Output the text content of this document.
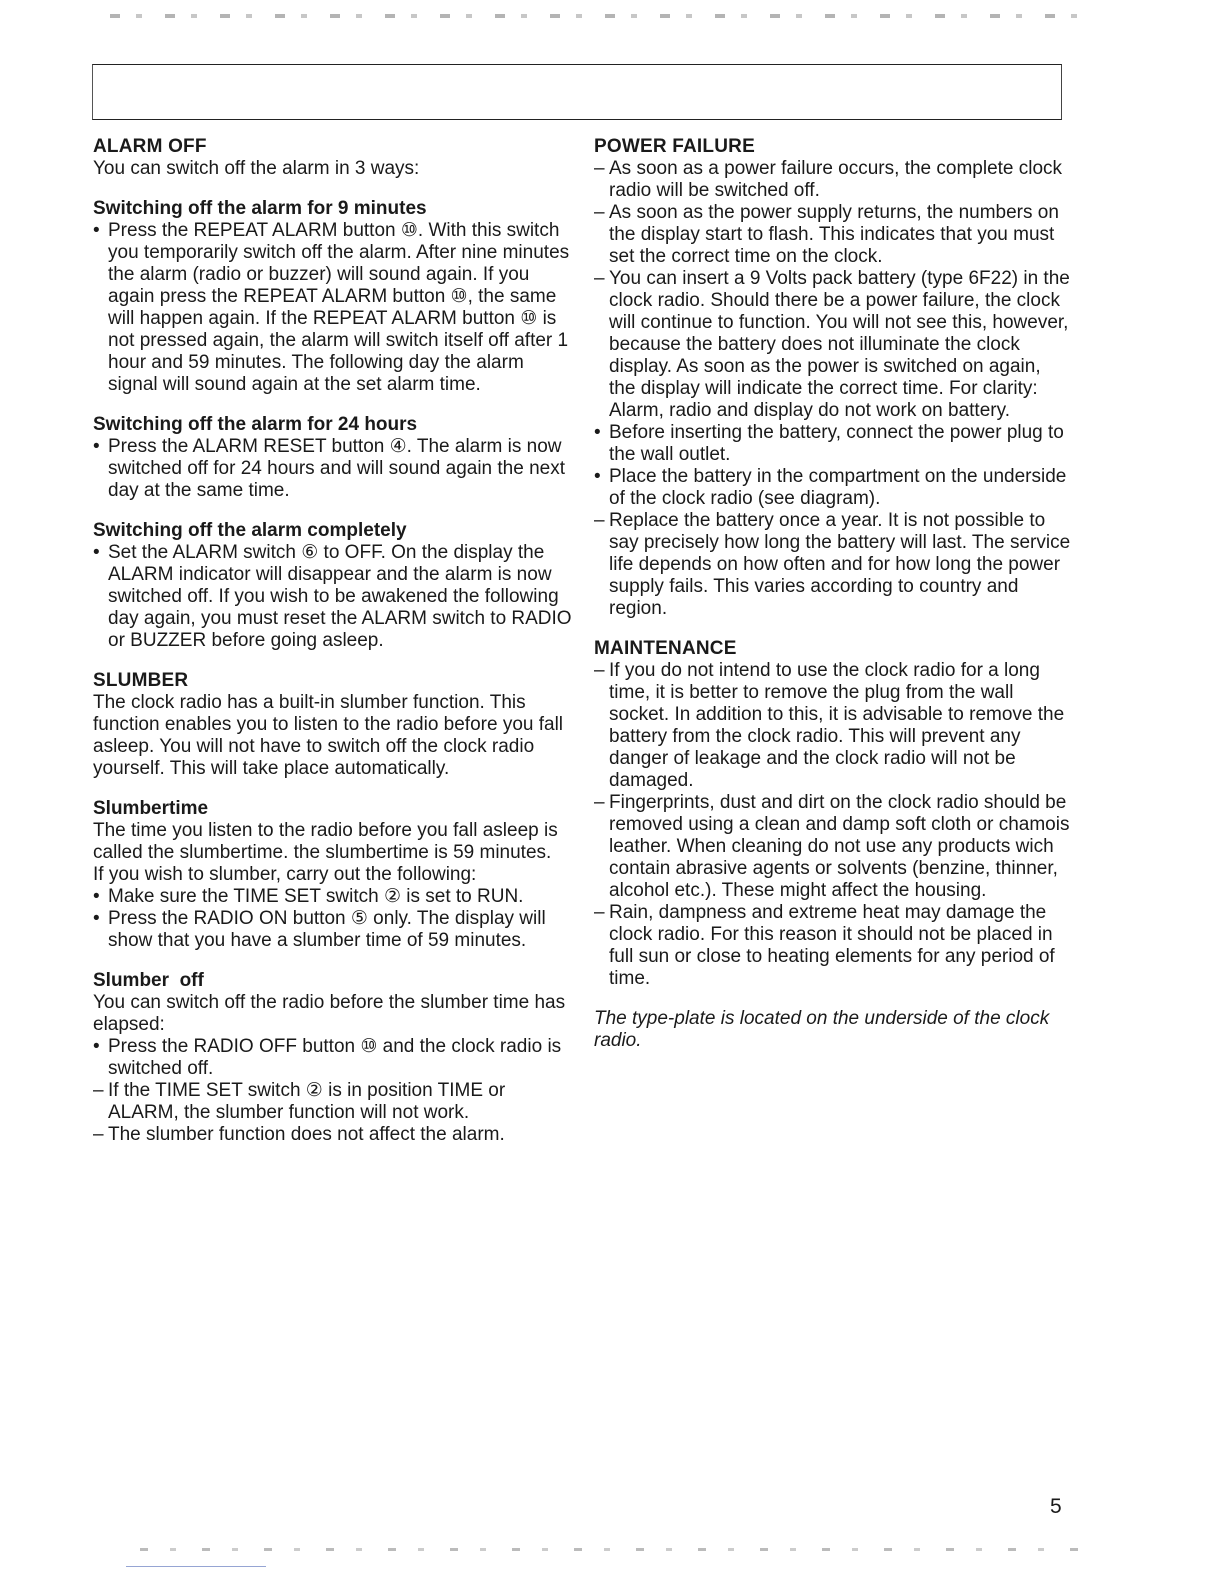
ALARM OFF

You can switch off the alarm in 3 ways:

Switching off the alarm for 9 minutes

• Press the REPEAT ALARM button ⑩. With this switch you temporarily switch off the alarm. After nine minutes the alarm (radio or buzzer) will sound again. If you again press the REPEAT ALARM button ⑩, the same will happen again. If the REPEAT ALARM button ⑩ is not pressed again, the alarm will switch itself off after 1 hour and 59 minutes. The following day the alarm signal will sound again at the set alarm time.

Switching off the alarm for 24 hours

• Press the ALARM RESET button ④. The alarm is now switched off for 24 hours and will sound again the next day at the same time.

Switching off the alarm completely

• Set the ALARM switch ⑥ to OFF. On the display the ALARM indicator will disappear and the alarm is now switched off. If you wish to be awakened the following day again, you must reset the ALARM switch to RADIO or BUZZER before going asleep.

SLUMBER

The clock radio has a built-in slumber function. This function enables you to listen to the radio before you fall asleep. You will not have to switch off the clock radio yourself. This will take place automatically.

Slumbertime

The time you listen to the radio before you fall asleep is called the slumbertime. the slumbertime is 59 minutes.

If you wish to slumber, carry out the following:

• Make sure the TIME SET switch ② is set to RUN.

• Press the RADIO ON button ⑤ only. The display will show that you have a slumber time of 59 minutes.

Slumber  off

You can switch off the radio before the slumber time has elapsed:

• Press the RADIO OFF button ⑩ and the clock radio is switched off.

– If the TIME SET switch ② is in position TIME or ALARM, the slumber function will not work.

– The slumber function does not affect the alarm.

POWER FAILURE

– As soon as a power failure occurs, the complete clock radio will be switched off.

– As soon as the power supply returns, the numbers on the display start to flash. This indicates that you must set the correct time on the clock.

– You can insert a 9 Volts pack battery (type 6F22) in the clock radio. Should there be a power failure, the clock will continue to function. You will not see this, however, because the battery does not illuminate the clock display. As soon as the power is switched on again, the display will indicate the correct time. For clarity: Alarm, radio and display do not work on battery.

• Before inserting the battery, connect the power plug to the wall outlet.

• Place the battery in the compartment on the underside of the clock radio (see diagram).

– Replace the battery once a year. It is not possible to say precisely how long the battery will last. The service life depends on how often and for how long the power supply fails. This varies according to country and region.

MAINTENANCE

– If you do not intend to use the clock radio for a long time, it is better to remove the plug from the wall socket. In addition to this, it is advisable to remove the battery from the clock radio. This will prevent any danger of leakage and the clock radio will not be damaged.

– Fingerprints, dust and dirt on the clock radio should be removed using a clean and damp soft cloth or chamois leather. When cleaning do not use any products wich contain abrasive agents or solvents (benzine, thinner, alcohol etc.). These might affect the housing.

– Rain, dampness and extreme heat may damage the clock radio. For this reason it should not be placed in full sun or close to heating elements for any period of time.

The type-plate is located on the underside of the clock radio.

5
